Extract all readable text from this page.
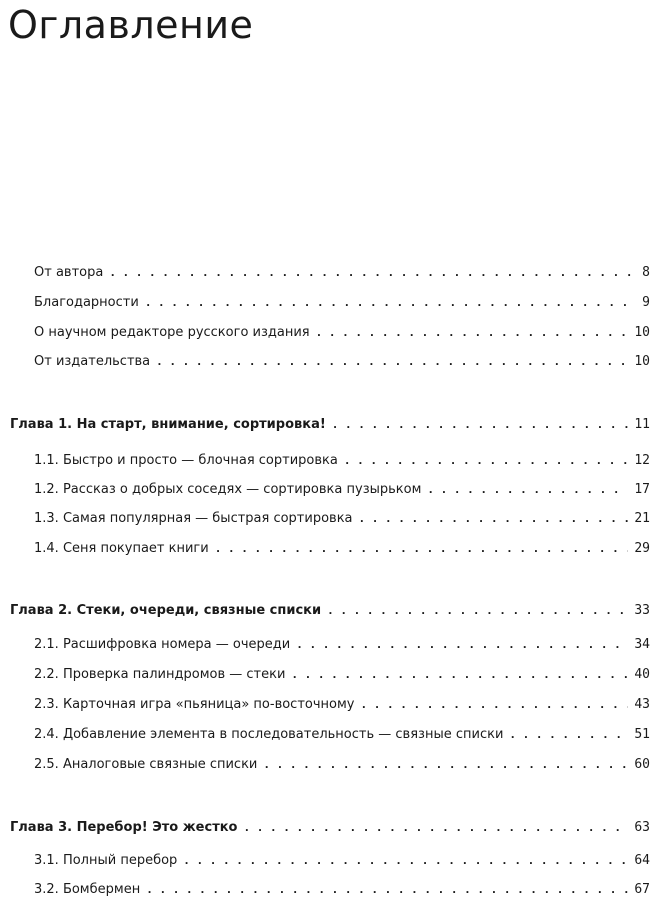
Оглавление
От автора . . .	8
Благодарности . . .	9
О научном редакторе русского издания . . .	10
От издательства . . .	10
Глава 1. На старт, внимание, сортировка! . . .	11
1.1. Быстро и просто — блочная сортировка . . .	12
1.2. Рассказ о добрых соседях — сортировка пузырьком . . .	17
1.3. Самая популярная — быстрая сортировка . . .	21
1.4. Сеня покупает книги . . .	29
Глава 2. Стеки, очереди, связные списки . . .	33
2.1. Расшифровка номера — очереди . . .	34
2.2. Проверка палиндромов — стеки . . .	40
2.3. Карточная игра «пьяница» по-восточному . . .	43
2.4. Добавление элемента в последовательность — связные списки . . .	51
2.5. Аналоговые связные списки . . .	60
Глава 3. Перебор! Это жестко . . .	63
3.1. Полный перебор . . .	64
3.2. Бомбермен . . .	67
